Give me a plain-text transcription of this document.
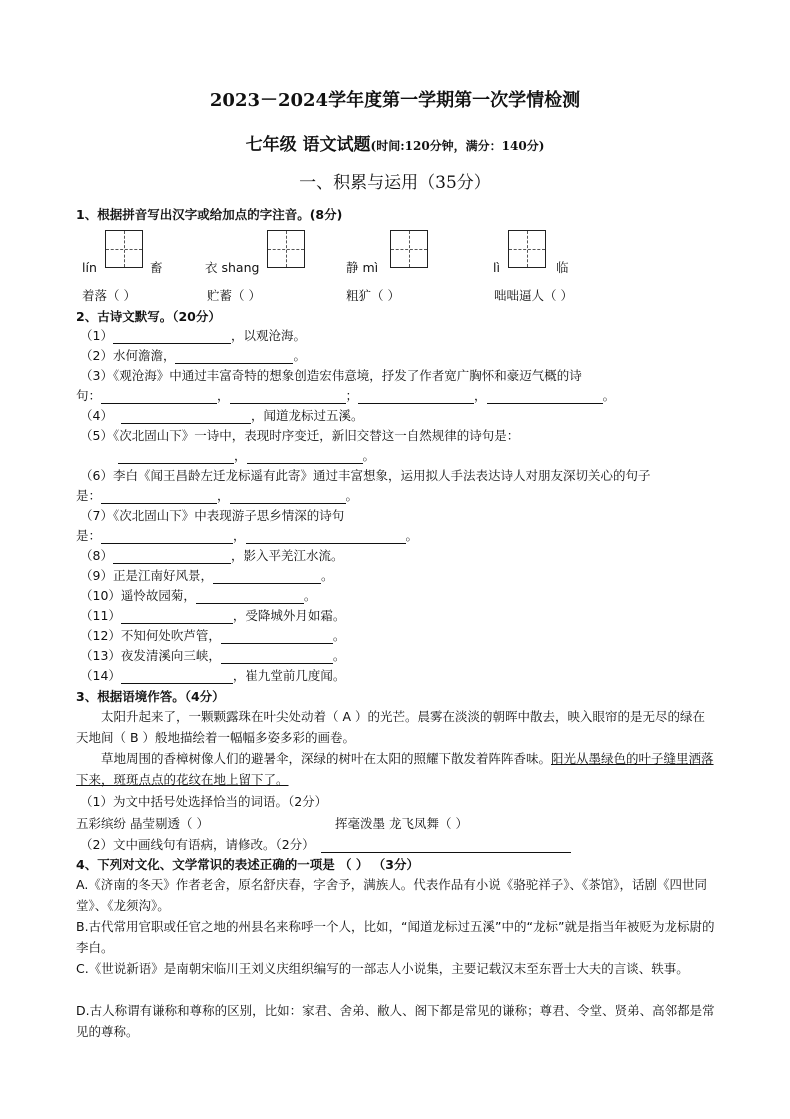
2023－2024学年度第一学期第一次学情检测
七年级 语文试题(时间:120分钟，满分：140分)
一、积累与运用（35分）
1、根据拼音写出汉字或给加点的字注音。(8分)
lín	畜	衣 shang	静 mì	lì	临
着落（ ）	贮蓄（ ）	粗犷（ ）	咄咄逼人（ ）
2、古诗文默写。（20分）
（1）	，以观沧海。
（2）水何澹澹，	。
（3）《观沧海》中通过丰富奇特的想象创造宏伟意境，抒发了作者宽广胸怀和豪迈气概的诗
句：	，	；	，	。
（4）	，闻道龙标过五溪。
（5）《次北固山下》一诗中，表现时序变迁，新旧交替这一自然规律的诗句是：
，	。
（6）李白《闻王昌龄左迁龙标遥有此寄》通过丰富想象，运用拟人手法表达诗人对朋友深切关心的句子
是：	，	。
（7）《次北固山下》中表现游子思乡情深的诗句
是：	，	。
（8）	，影入平羌江水流。
（9）正是江南好风景，	。
（10）遥怜故园菊，	。
（11）	，受降城外月如霜。
（12）不知何处吹芦管，	。
（13）夜发清溪向三峡，	。
（14）	，崔九堂前几度闻。
3、根据语境作答。（4分）
太阳升起来了，一颗颗露珠在叶尖处动着（ A ）的光芒。晨雾在淡淡的朝晖中散去，映入眼帘的是无尽的绿在天地间（ B ）般地描绘着一幅幅多姿多彩的画卷。
草地周围的香樟树像人们的避暑伞，深绿的树叶在太阳的照耀下散发着阵阵香味。阳光从墨绿色的叶子缝里洒落下来，斑斑点点的花纹在地上留下了。
（1）为文中括号处选择恰当的词语。（2分）
五彩缤纷 晶莹剔透（ ）	挥毫泼墨 龙飞凤舞（ ）
（2）文中画线句有语病，请修改。（2分）
4、下列对文化、文学常识的表述正确的一项是 （ ） （3分）
A.《济南的冬天》作者老舍，原名舒庆春，字舍予，满族人。代表作品有小说《骆驼祥子》、《茶馆》，话剧《四世同堂》、《龙须沟》。
B.古代常用官职或任官之地的州县名来称呼一个人，比如，“闻道龙标过五溪”中的“龙标”就是指当年被贬为龙标尉的李白。
C.《世说新语》是南朝宋临川王刘义庆组织编写的一部志人小说集，主要记载汉末至东晋士大夫的言谈、轶事。
D.古人称谓有谦称和尊称的区别，比如：家君、舍弟、敝人、阁下都是常见的谦称；尊君、令堂、贤弟、高邻都是常见的尊称。
